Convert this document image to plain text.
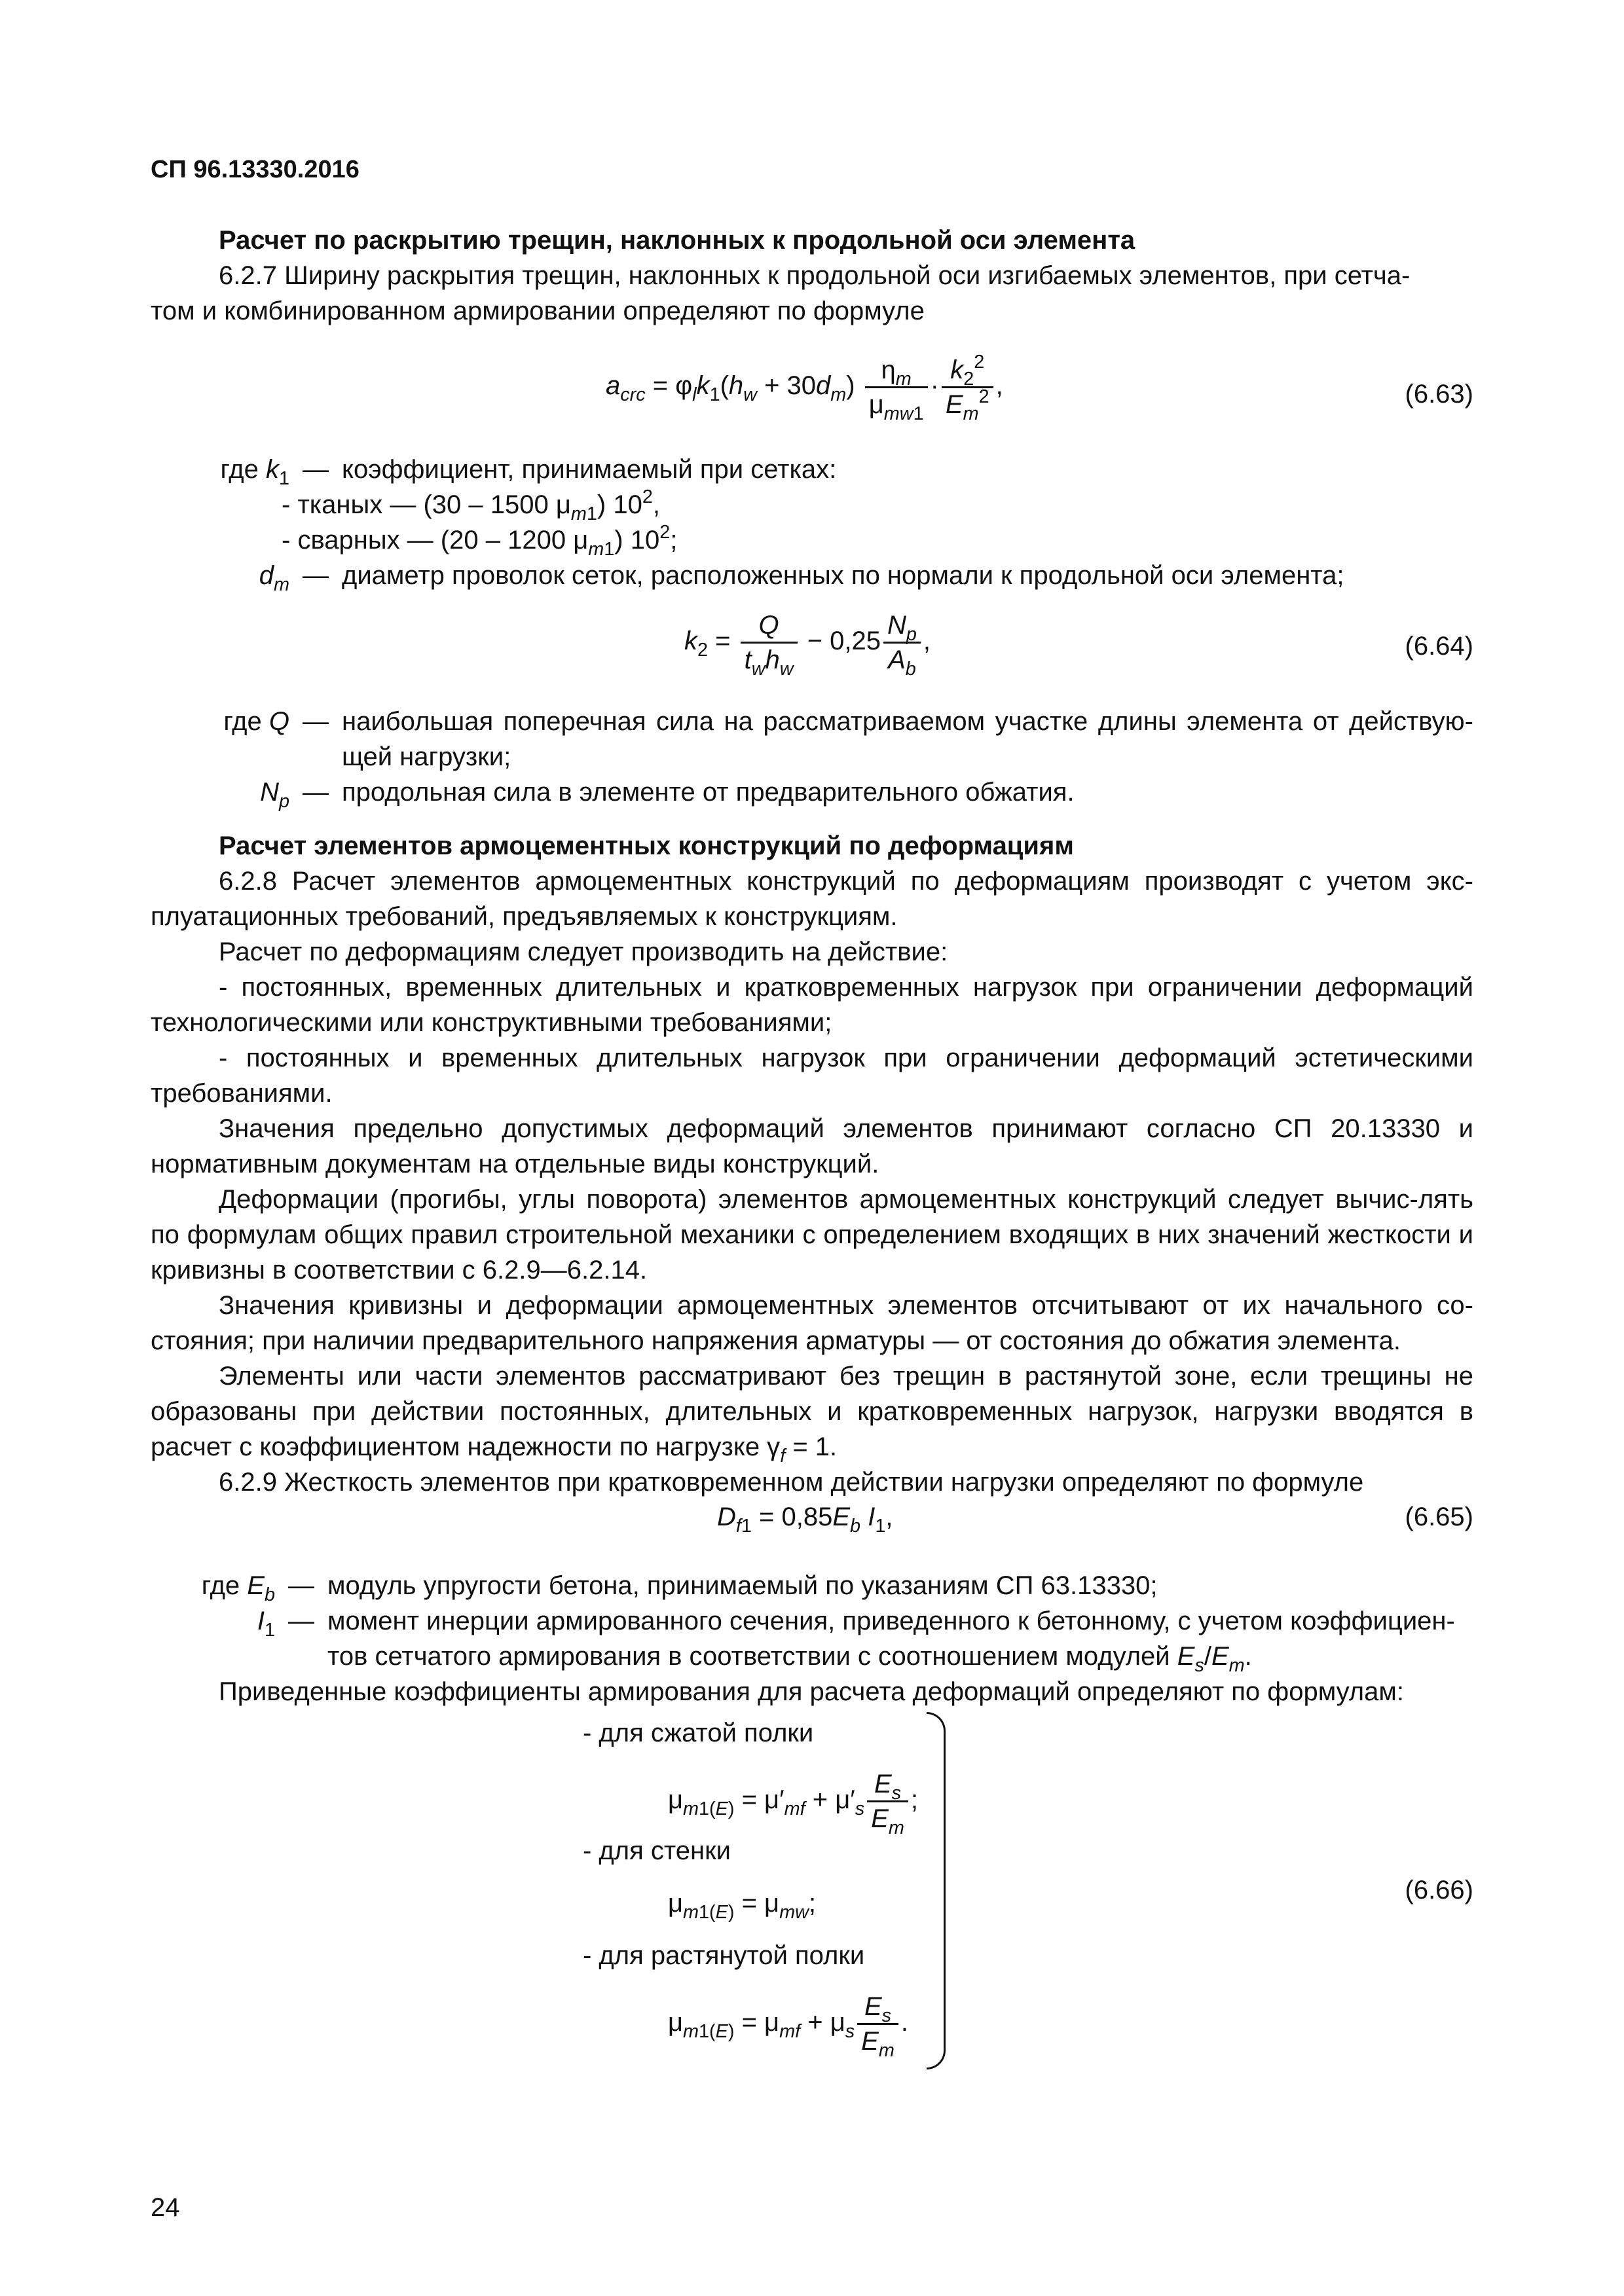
СП 96.13330.2016
Расчет по раскрытию трещин, наклонных к продольной оси элемента
6.2.7 Ширину раскрытия трещин, наклонных к продольной оси изгибаемых элементов, при сетча-
том и комбинированном армировании определяют по формуле
$a_{crc} = \varphi_lk_1(h_w + 30d_m) \frac{\eta_m}{\mu_{mw1}} \cdot \frac{k_2^2}{E_m^2}$ ,	(6.63)
где $k_1$ — коэффициент, принимаемый при сетках:
- тканых — (30 – 1500 $\mu_{m1}$) $10^2$,
- сварных — (20 – 1200 $\mu_{m1}$) $10^2$;
$d_m$ — диаметр проволок сеток, расположенных по нормали к продольной оси элемента;
$k_2 = \frac{Q}{t_wh_w} - 0,25 \frac{N_p}{A_b}$ ,	(6.64)
где Q — наибольшая поперечная сила на рассматриваемом участке длины элемента от действую-щей нагрузки;
$N_p$ — продольная сила в элементе от предварительного обжатия.
Расчет элементов армоцементных конструкций по деформациям
6.2.8 Расчет элементов армоцементных конструкций по деформациям производят с учетом экс-плуатационных требований, предъявляемых к конструкциям.
Расчет по деформациям следует производить на действие:
- постоянных, временных длительных и кратковременных нагрузок при ограничении деформаций технологическими или конструктивными требованиями;
- постоянных и временных длительных нагрузок при ограничении деформаций эстетическими требованиями.
Значения предельно допустимых деформаций элементов принимают согласно СП 20.13330 и нормативным документам на отдельные виды конструкций.
Деформации (прогибы, углы поворота) элементов армоцементных конструкций следует вычис-лять по формулам общих правил строительной механики с определением входящих в них значений жесткости и кривизны в соответствии с 6.2.9—6.2.14.
Значения кривизны и деформации армоцементных элементов отсчитывают от их начального со-стояния; при наличии предварительного напряжения арматуры — от состояния до обжатия элемента.
Элементы или части элементов рассматривают без трещин в растянутой зоне, если трещины не образованы при действии постоянных, длительных и кратковременных нагрузок, нагрузки вводятся в расчет с коэффициентом надежности по нагрузке $\gamma_f = 1$.
6.2.9 Жесткость элементов при кратковременном действии нагрузки определяют по формуле
$D_{f1} = 0,85E_b$ $I_1$,	(6.65)
где $E_b$ — модуль упругости бетона, принимаемый по указаниям СП 63.13330;
$I_1$ — момент инерции армированного сечения, приведенного к бетонному, с учетом коэффициен-
тов сетчатого армирования в соответствии с соотношением модулей $E_s/E_m$.
Приведенные коэффициенты армирования для расчета деформаций определяют по формулам:
- для сжатой полки
$\mu_{m1(E)} = \mu'_{mf} + \mu'_s \frac{E_s}{E_m}$ ;
- для стенки
$\mu_{m1(E)} = \mu_{mw}$;
- для растянутой полки
$\mu_{m1(E)} = \mu_{mf} + \mu_s \frac{E_s}{E_m}$ .
(6.66)
24
